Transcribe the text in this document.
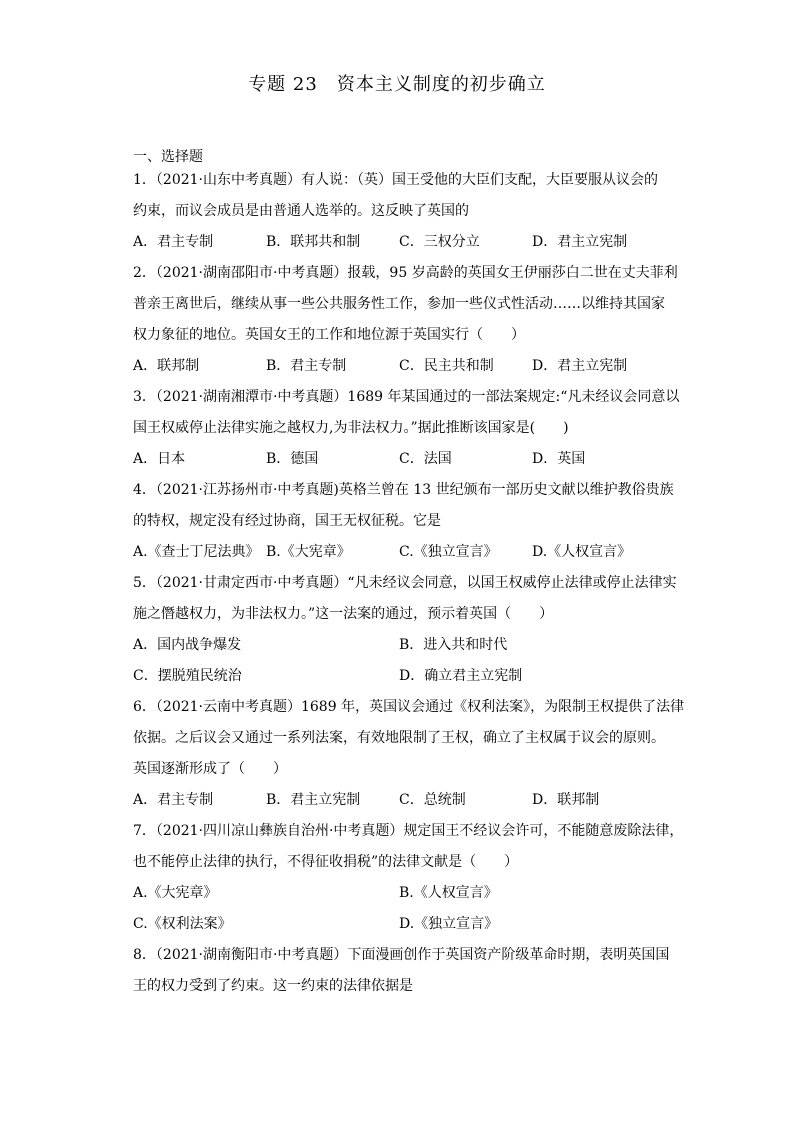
专题 23　资本主义制度的初步确立
一、选择题
1．（2021·山东中考真题）有人说：（英）国王受他的大臣们支配，大臣要服从议会的
约束，而议会成员是由普通人选举的。这反映了英国的
A．君主专制	B．联邦共和制	C．三权分立	D．君主立宪制
2．（2021·湖南邵阳市·中考真题）报载，95 岁高龄的英国女王伊丽莎白二世在丈夫菲利
普亲王离世后，继续从事一些公共服务性工作，参加一些仪式性活动……以维持其国家
权力象征的地位。英国女王的工作和地位源于英国实行（　　）
A．联邦制	B．君主专制	C．民主共和制	D．君主立宪制
3．（2021·湖南湘潭市·中考真题）1689 年某国通过的一部法案规定:“凡未经议会同意以
国王权威停止法律实施之越权力,为非法权力。”据此推断该国家是(　　)
A．日本	B．德国	C．法国	D．英国
4．（2021·江苏扬州市·中考真题)英格兰曾在 13 世纪颁布一部历史文献以维护教俗贵族
的特权，规定没有经过协商，国王无权征税。它是
A.《查士丁尼法典》 B.《大宪章》	C.《独立宣言》	D.《人权宣言》
5．（2021·甘肃定西市·中考真题）“凡未经议会同意，以国王权威停止法律或停止法律实
施之僭越权力，为非法权力。”这一法案的通过，预示着英国（　　）
A．国内战争爆发	B．进入共和时代
C．摆脱殖民统治	D．确立君主立宪制
6．（2021·云南中考真题）1689 年，英国议会通过《权利法案》，为限制王权提供了法律
依据。之后议会又通过一系列法案，有效地限制了王权，确立了主权属于议会的原则。
英国逐渐形成了（　　）
A．君主专制	B．君主立宪制	C．总统制	D．联邦制
7．（2021·四川凉山彝族自治州·中考真题）规定国王不经议会许可，不能随意废除法律，
也不能停止法律的执行，不得征收捐税”的法律文献是（　　）
A.《大宪章》	B.《人权宣言》
C.《权利法案》	D.《独立宣言》
8．（2021·湖南衡阳市·中考真题）下面漫画创作于英国资产阶级革命时期，表明英国国
王的权力受到了约束。这一约束的法律依据是
